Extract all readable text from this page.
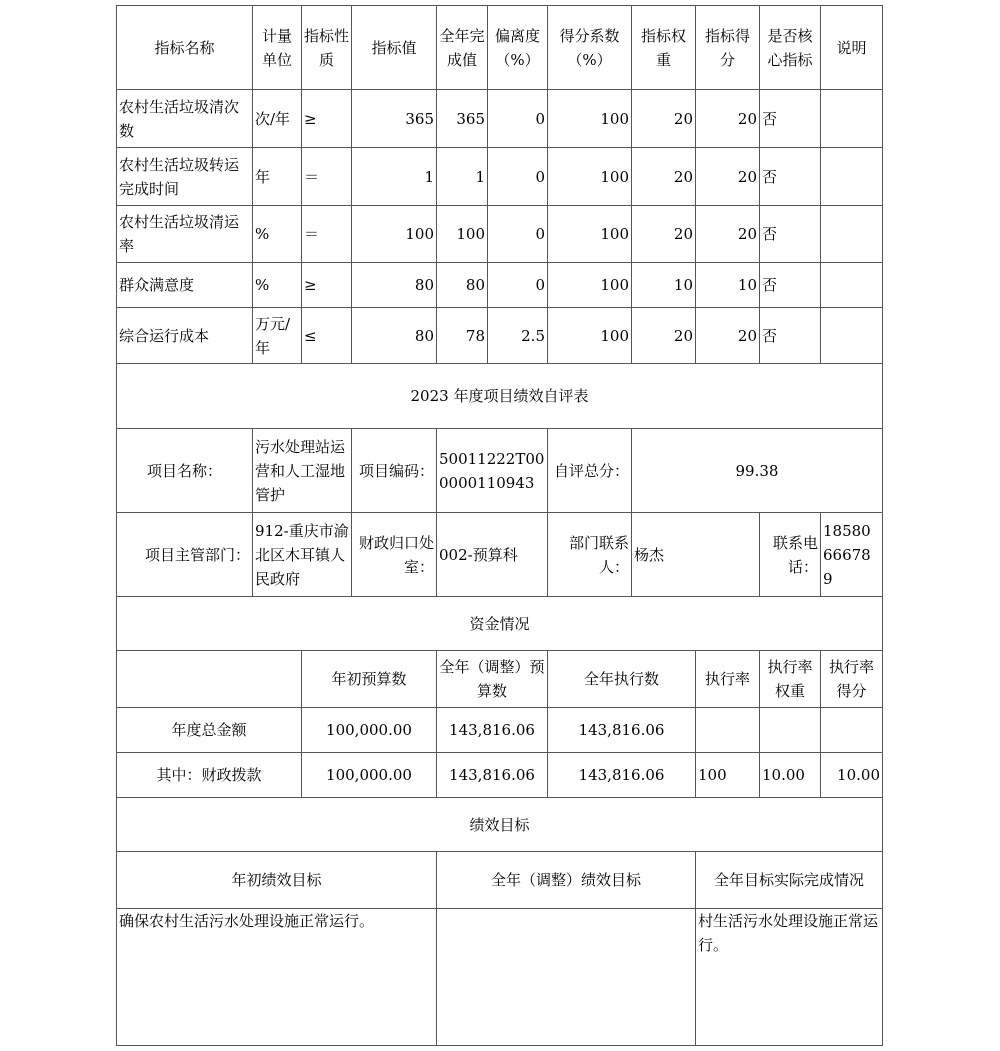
指标名称	计量单位	指标性质	指标值	全年完成值	偏离度（%）	得分系数（%）	指标权重	指标得分	是否核心指标	说明
农村生活垃圾清次数	次/年	≥	365	365	0	100	20	20	否	
农村生活垃圾转运完成时间	年	＝	1	1	0	100	20	20	否	
农村生活垃圾清运率	%	＝	100	100	0	100	20	20	否	
群众满意度	%	≥	80	80	0	100	10	10	否	
综合运行成本	万元/年	≤	80	78	2.5	100	20	20	否	
2023 年度项目绩效自评表										
项目名称：	污水处理站运营和人工湿地管护		项目编码：	50011222T000000110943		自评总分：	99.38			
项目主管部门：	912-重庆市渝北区木耳镇人民政府		财政归口处室：	002-预算科		部门联系人：	杨杰		联系电话：	18580666789
资金情况										
		年初预算数		全年（调整）预算数		全年执行数		执行率	执行率权重	执行率得分
年度总金额		100,000.00		143,816.06		143,816.06				
其中：财政拨款		100,000.00		143,816.06		143,816.06		100	10.00	10.00
绩效目标										
年初绩效目标				全年（调整）绩效目标				全年目标实际完成情况		
确保农村生活污水处理设施正常运行。								村生活污水处理设施正常运行。		
